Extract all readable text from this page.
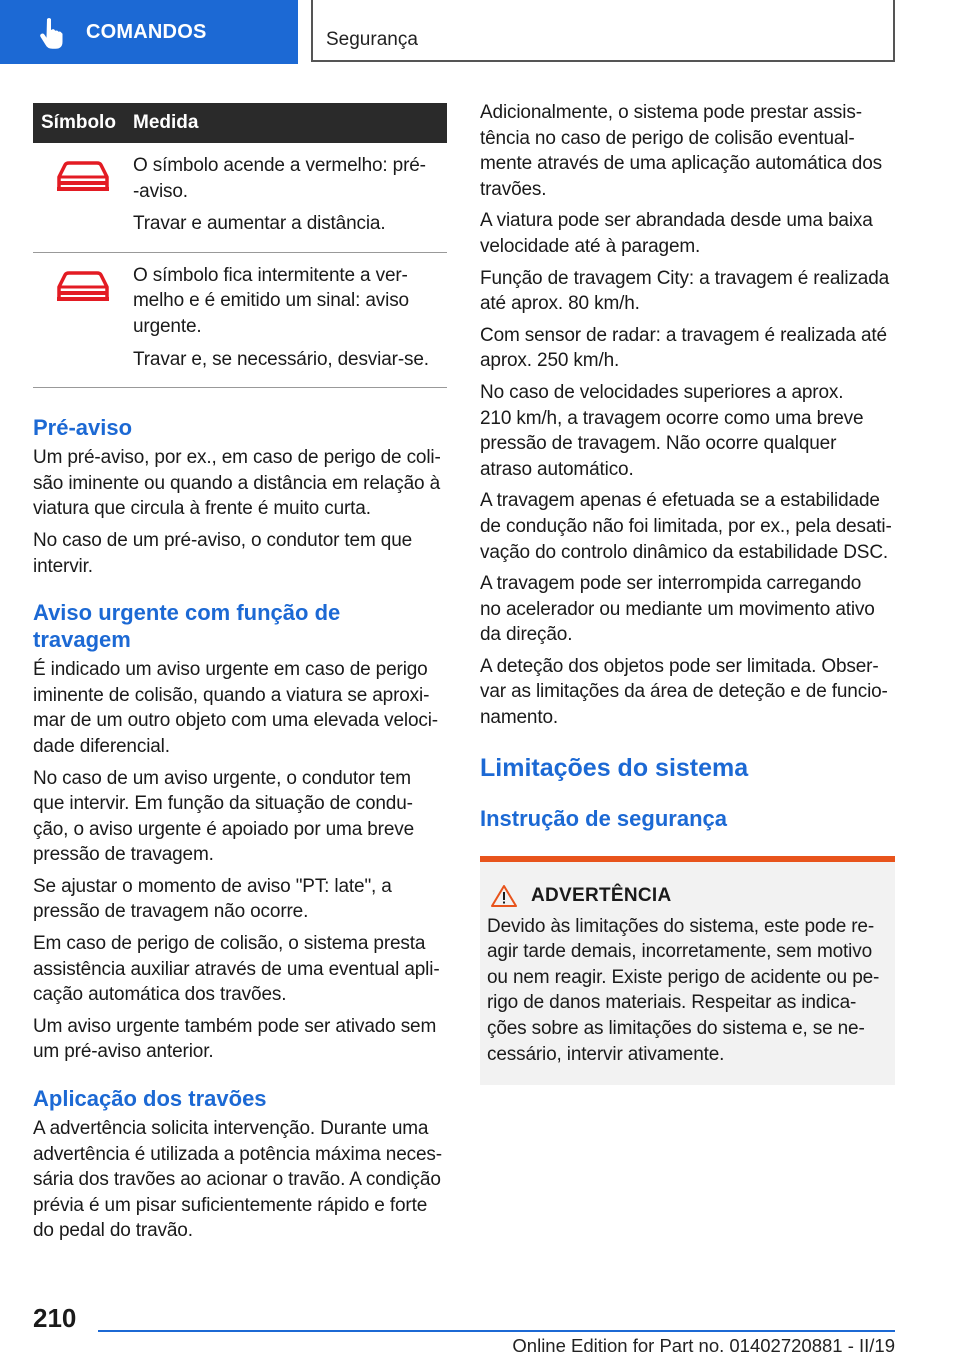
COMANDOS	Segurança
Símbolo	Medida

O símbolo acende a vermelho: pré-
-aviso.

Travar e aumentar a distância.

O símbolo fica intermitente a ver-
melho e é emitido um sinal: aviso
urgente.

Travar e, se necessário, desviar-se.

Pré-aviso

Um pré-aviso, por ex., em caso de perigo de coli-
são iminente ou quando a distância em relação à
viatura que circula à frente é muito curta.

No caso de um pré-aviso, o condutor tem que
intervir.

Aviso urgente com função de
travagem

É indicado um aviso urgente em caso de perigo
iminente de colisão, quando a viatura se aproxi-
mar de um outro objeto com uma elevada veloci-
dade diferencial.

No caso de um aviso urgente, o condutor tem
que intervir. Em função da situação de condu-
ção, o aviso urgente é apoiado por uma breve
pressão de travagem.

Se ajustar o momento de aviso "PT: late", a
pressão de travagem não ocorre.

Em caso de perigo de colisão, o sistema presta
assistência auxiliar através de uma eventual apli-
cação automática dos travões.

Um aviso urgente também pode ser ativado sem
um pré-aviso anterior.

Aplicação dos travões

A advertência solicita intervenção. Durante uma
advertência é utilizada a potência máxima neces-
sária dos travões ao acionar o travão. A condição
prévia é um pisar suficientemente rápido e forte
do pedal do travão.

Adicionalmente, o sistema pode prestar assis-
tência no caso de perigo de colisão eventual-
mente através de uma aplicação automática dos
travões.

A viatura pode ser abrandada desde uma baixa
velocidade até à paragem.

Função de travagem City: a travagem é realizada
até aprox. 80 km/h.

Com sensor de radar: a travagem é realizada até
aprox. 250 km/h.

No caso de velocidades superiores a aprox.
210 km/h, a travagem ocorre como uma breve
pressão de travagem. Não ocorre qualquer
atraso automático.

A travagem apenas é efetuada se a estabilidade
de condução não foi limitada, por ex., pela desati-
vação do controlo dinâmico da estabilidade DSC.

A travagem pode ser interrompida carregando
no acelerador ou mediante um movimento ativo
da direção.

A deteção dos objetos pode ser limitada. Obser-
var as limitações da área de deteção e de funcio-
namento.

Limitações do sistema
Instrução de segurança
ADVERTÊNCIA

Devido às limitações do sistema, este pode re-
agir tarde demais, incorretamente, sem motivo
ou nem reagir. Existe perigo de acidente ou pe-
rigo de danos materiais. Respeitar as indica-
ções sobre as limitações do sistema e, se ne-
cessário, intervir ativamente.

210
Online Edition for Part no. 01402720881 - II/19
